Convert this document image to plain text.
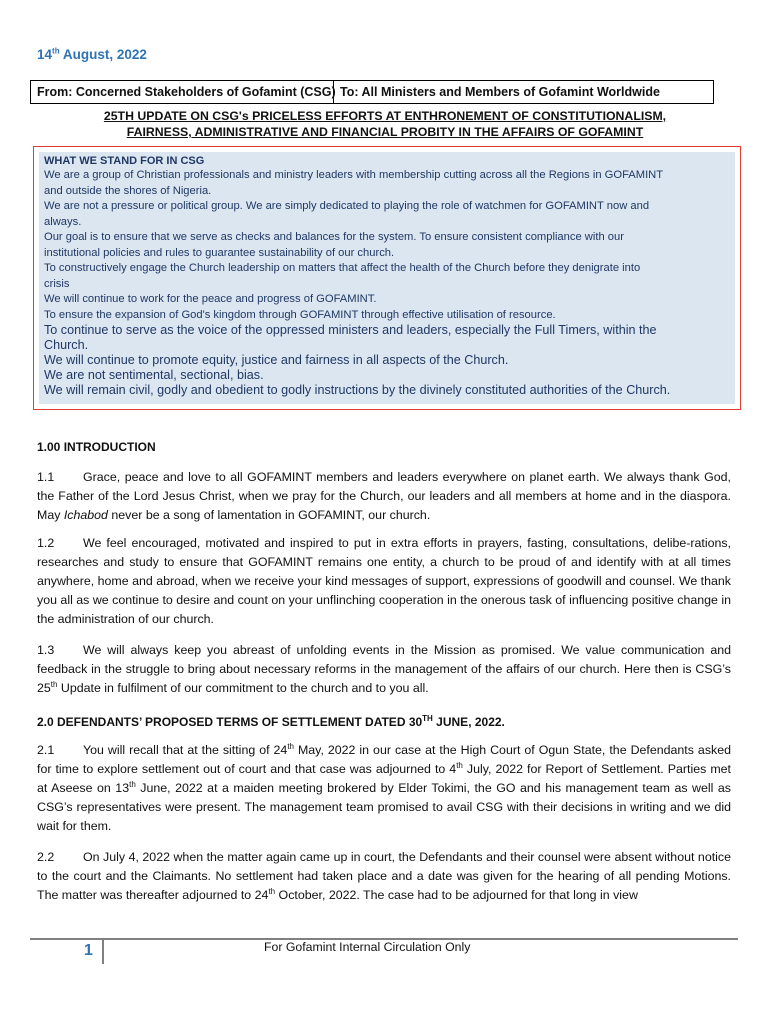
14th August, 2022
From: Concerned Stakeholders of Gofamint (CSG) To: All Ministers and Members of Gofamint Worldwide
25TH UPDATE ON CSG's PRICELESS EFFORTS AT ENTHRONEMENT OF CONSTITUTIONALISM,
FAIRNESS, ADMINISTRATIVE AND FINANCIAL PROBITY IN THE AFFAIRS OF GOFAMINT
WHAT WE STAND FOR IN CSG
We are a group of Christian professionals and ministry leaders with membership cutting across all the Regions in GOFAMINT
and outside the shores of Nigeria.
We are not a pressure or political group. We are simply dedicated to playing the role of watchmen for GOFAMINT now and
always.
Our goal is to ensure that we serve as checks and balances for the system. To ensure consistent compliance with our
institutional policies and rules to guarantee sustainability of our church.
To constructively engage the Church leadership on matters that affect the health of the Church before they denigrate into
crisis
We will continue to work for the peace and progress of GOFAMINT.
To ensure the expansion of God's kingdom through GOFAMINT through effective utilisation of resource.
To continue to serve as the voice of the oppressed ministers and leaders, especially the Full Timers, within the
Church.
We will continue to promote equity, justice and fairness in all aspects of the Church.
We are not sentimental, sectional, bias.
We will remain civil, godly and obedient to godly instructions by the divinely constituted authorities of the Church.
1.00 INTRODUCTION
1.1 Grace, peace and love to all GOFAMINT members and leaders everywhere on planet earth. We always thank God, the Father of the Lord Jesus Christ, when we pray for the Church, our leaders and all members at home and in the diaspora. May Ichabod never be a song of lamentation in GOFAMINT, our church.
1.2 We feel encouraged, motivated and inspired to put in extra efforts in prayers, fasting, consultations, delibe-rations, researches and study to ensure that GOFAMINT remains one entity, a church to be proud of and identify with at all times anywhere, home and abroad, when we receive your kind messages of support, expressions of goodwill and counsel. We thank you all as we continue to desire and count on your unflinching cooperation in the onerous task of influencing positive change in the administration of our church.
1.3 We will always keep you abreast of unfolding events in the Mission as promised. We value communication and feedback in the struggle to bring about necessary reforms in the management of the affairs of our church. Here then is CSG’s 25th Update in fulfilment of our commitment to the church and to you all.
2.0 DEFENDANTS’ PROPOSED TERMS OF SETTLEMENT DATED 30TH JUNE, 2022.
2.1 You will recall that at the sitting of 24th May, 2022 in our case at the High Court of Ogun State, the Defendants asked for time to explore settlement out of court and that case was adjourned to 4th July, 2022 for Report of Settlement. Parties met at Aseese on 13th June, 2022 at a maiden meeting brokered by Elder Tokimi, the GO and his management team as well as CSG’s representatives were present. The management team promised to avail CSG with their decisions in writing and we did wait for them.
2.2 On July 4, 2022 when the matter again came up in court, the Defendants and their counsel were absent without notice to the court and the Claimants. No settlement had taken place and a date was given for the hearing of all pending Motions. The matter was thereafter adjourned to 24th October, 2022. The case had to be adjourned for that long in view
1	For Gofamint Internal Circulation Only
